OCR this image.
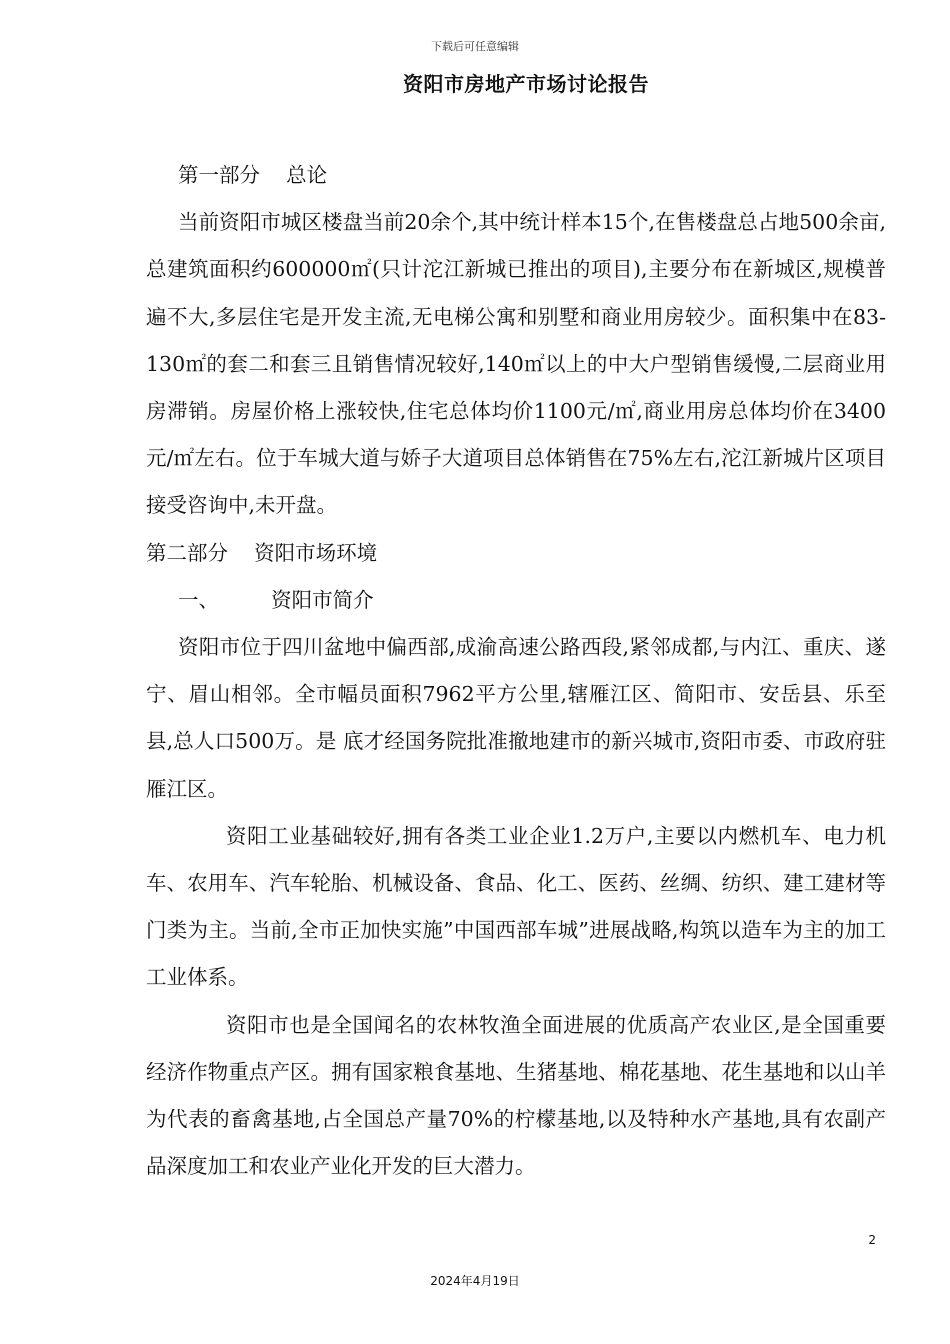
下载后可任意编辑
资阳市房地产市场讨论报告

第一部分 总论

当前资阳市城区楼盘当前20余个,其中统计样本15个,在售楼盘总占地500余亩,总建筑面积约600000㎡(只计沱江新城已推出的项目),主要分布在新城区,规模普遍不大,多层住宅是开发主流,无电梯公寓和别墅和商业用房较少。面积集中在83-130㎡的套二和套三且销售情况较好,140㎡以上的中大户型销售缓慢,二层商业用房滞销。房屋价格上涨较快,住宅总体均价1100元/㎡,商业用房总体均价在3400元/㎡左右。位于车城大道与娇子大道项目总体销售在75%左右,沱江新城片区项目接受咨询中,未开盘。

第二部分 资阳市场环境

一、	资阳市简介

资阳市位于四川盆地中偏西部,成渝高速公路西段,紧邻成都,与内江、重庆、遂宁、眉山相邻。全市幅员面积7962平方公里,辖雁江区、简阳市、安岳县、乐至县,总人口500万。是 底才经国务院批准撤地建市的新兴城市,资阳市委、市政府驻雁江区。

资阳工业基础较好,拥有各类工业企业1.2万户,主要以内燃机车、电力机车、农用车、汽车轮胎、机械设备、食品、化工、医药、丝绸、纺织、建工建材等门类为主。当前,全市正加快实施”中国西部车城”进展战略,构筑以造车为主的加工工业体系。

资阳市也是全国闻名的农林牧渔全面进展的优质高产农业区,是全国重要经济作物重点产区。拥有国家粮食基地、生猪基地、棉花基地、花生基地和以山羊为代表的畜禽基地,占全国总产量70%的柠檬基地,以及特种水产基地,具有农副产品深度加工和农业产业化开发的巨大潜力。

2
2024年4月19日
